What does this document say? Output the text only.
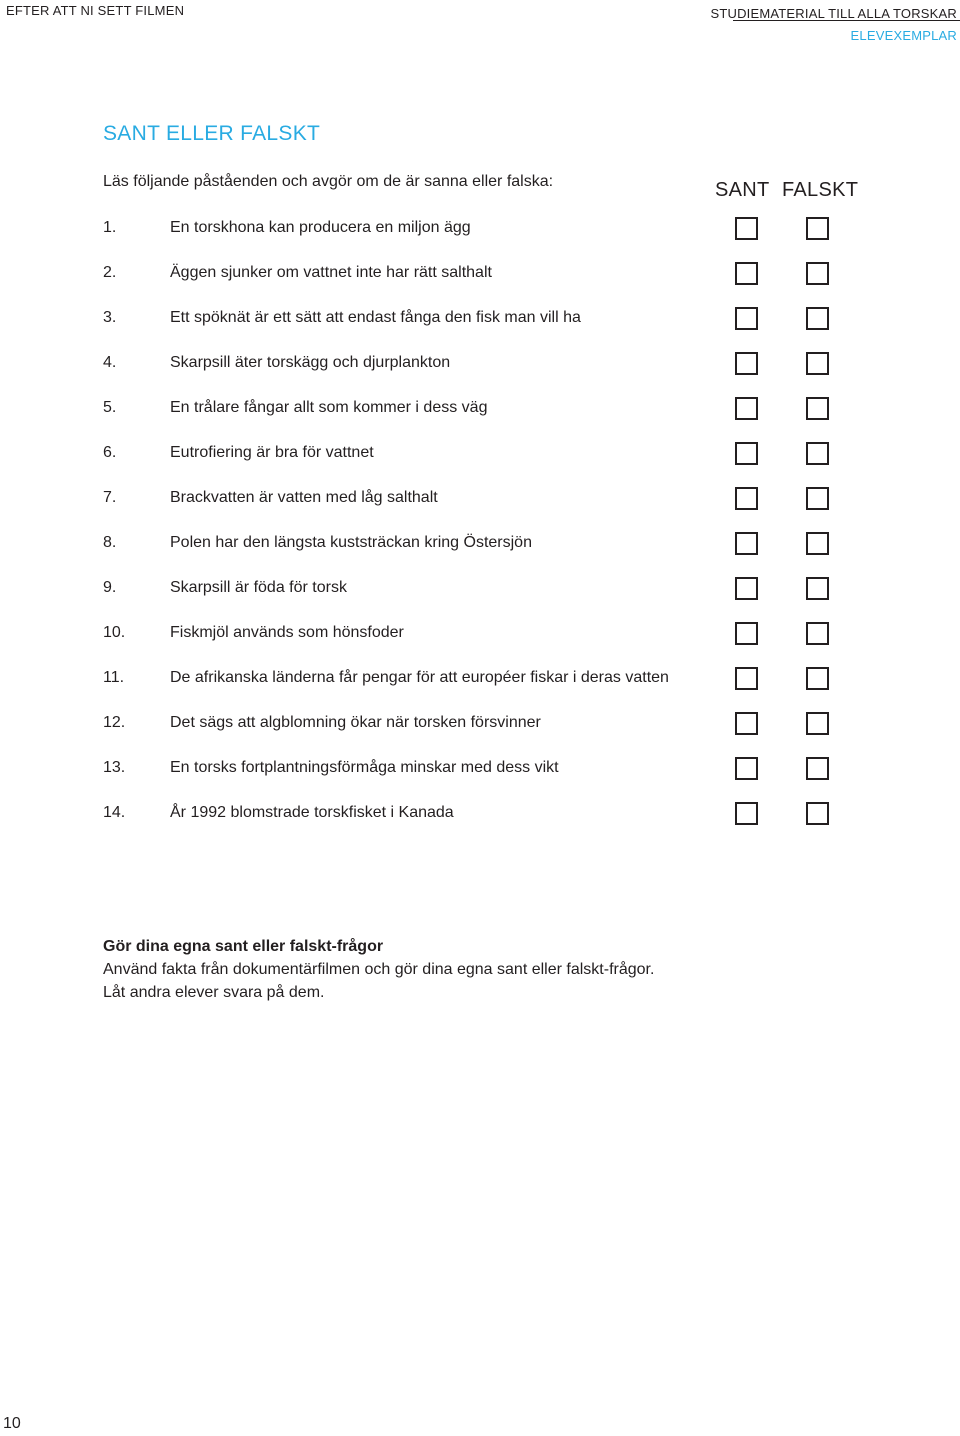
EFTER ATT NI SETT FILMEN	STUDIEMATERIAL TILL ALLA TORSKAR
ELEVEXEMPLAR
SANT ELLER FALSKT
Läs följande påståenden och avgör om de är sanna eller falska:	SANT FALSKT
1.	En torskhona kan producera en miljon ägg
2.	Äggen sjunker om vattnet inte har rätt salthalt
3.	Ett spöknät är ett sätt att endast fånga den fisk man vill ha
4.	Skarpsill äter torskägg och djurplankton
5.	En trålare fångar allt som kommer i dess väg
6.	Eutrofiering är bra för vattnet
7.	Brackvatten är vatten med låg salthalt
8.	Polen har den längsta kuststräckan kring Östersjön
9.	Skarpsill är föda för torsk
10.	Fiskmjöl används som hönsfoder
11.	De afrikanska länderna får pengar för att européer fiskar i deras vatten
12.	Det sägs att algblomning ökar när torsken försvinner
13.	En torsks fortplantningsförmåga minskar med dess vikt
14.	År 1992 blomstrade torskfisket i Kanada
Gör dina egna sant eller falskt-frågor
Använd fakta från dokumentärfilmen och gör dina egna sant eller falskt-frågor.
Låt andra elever svara på dem.
10
